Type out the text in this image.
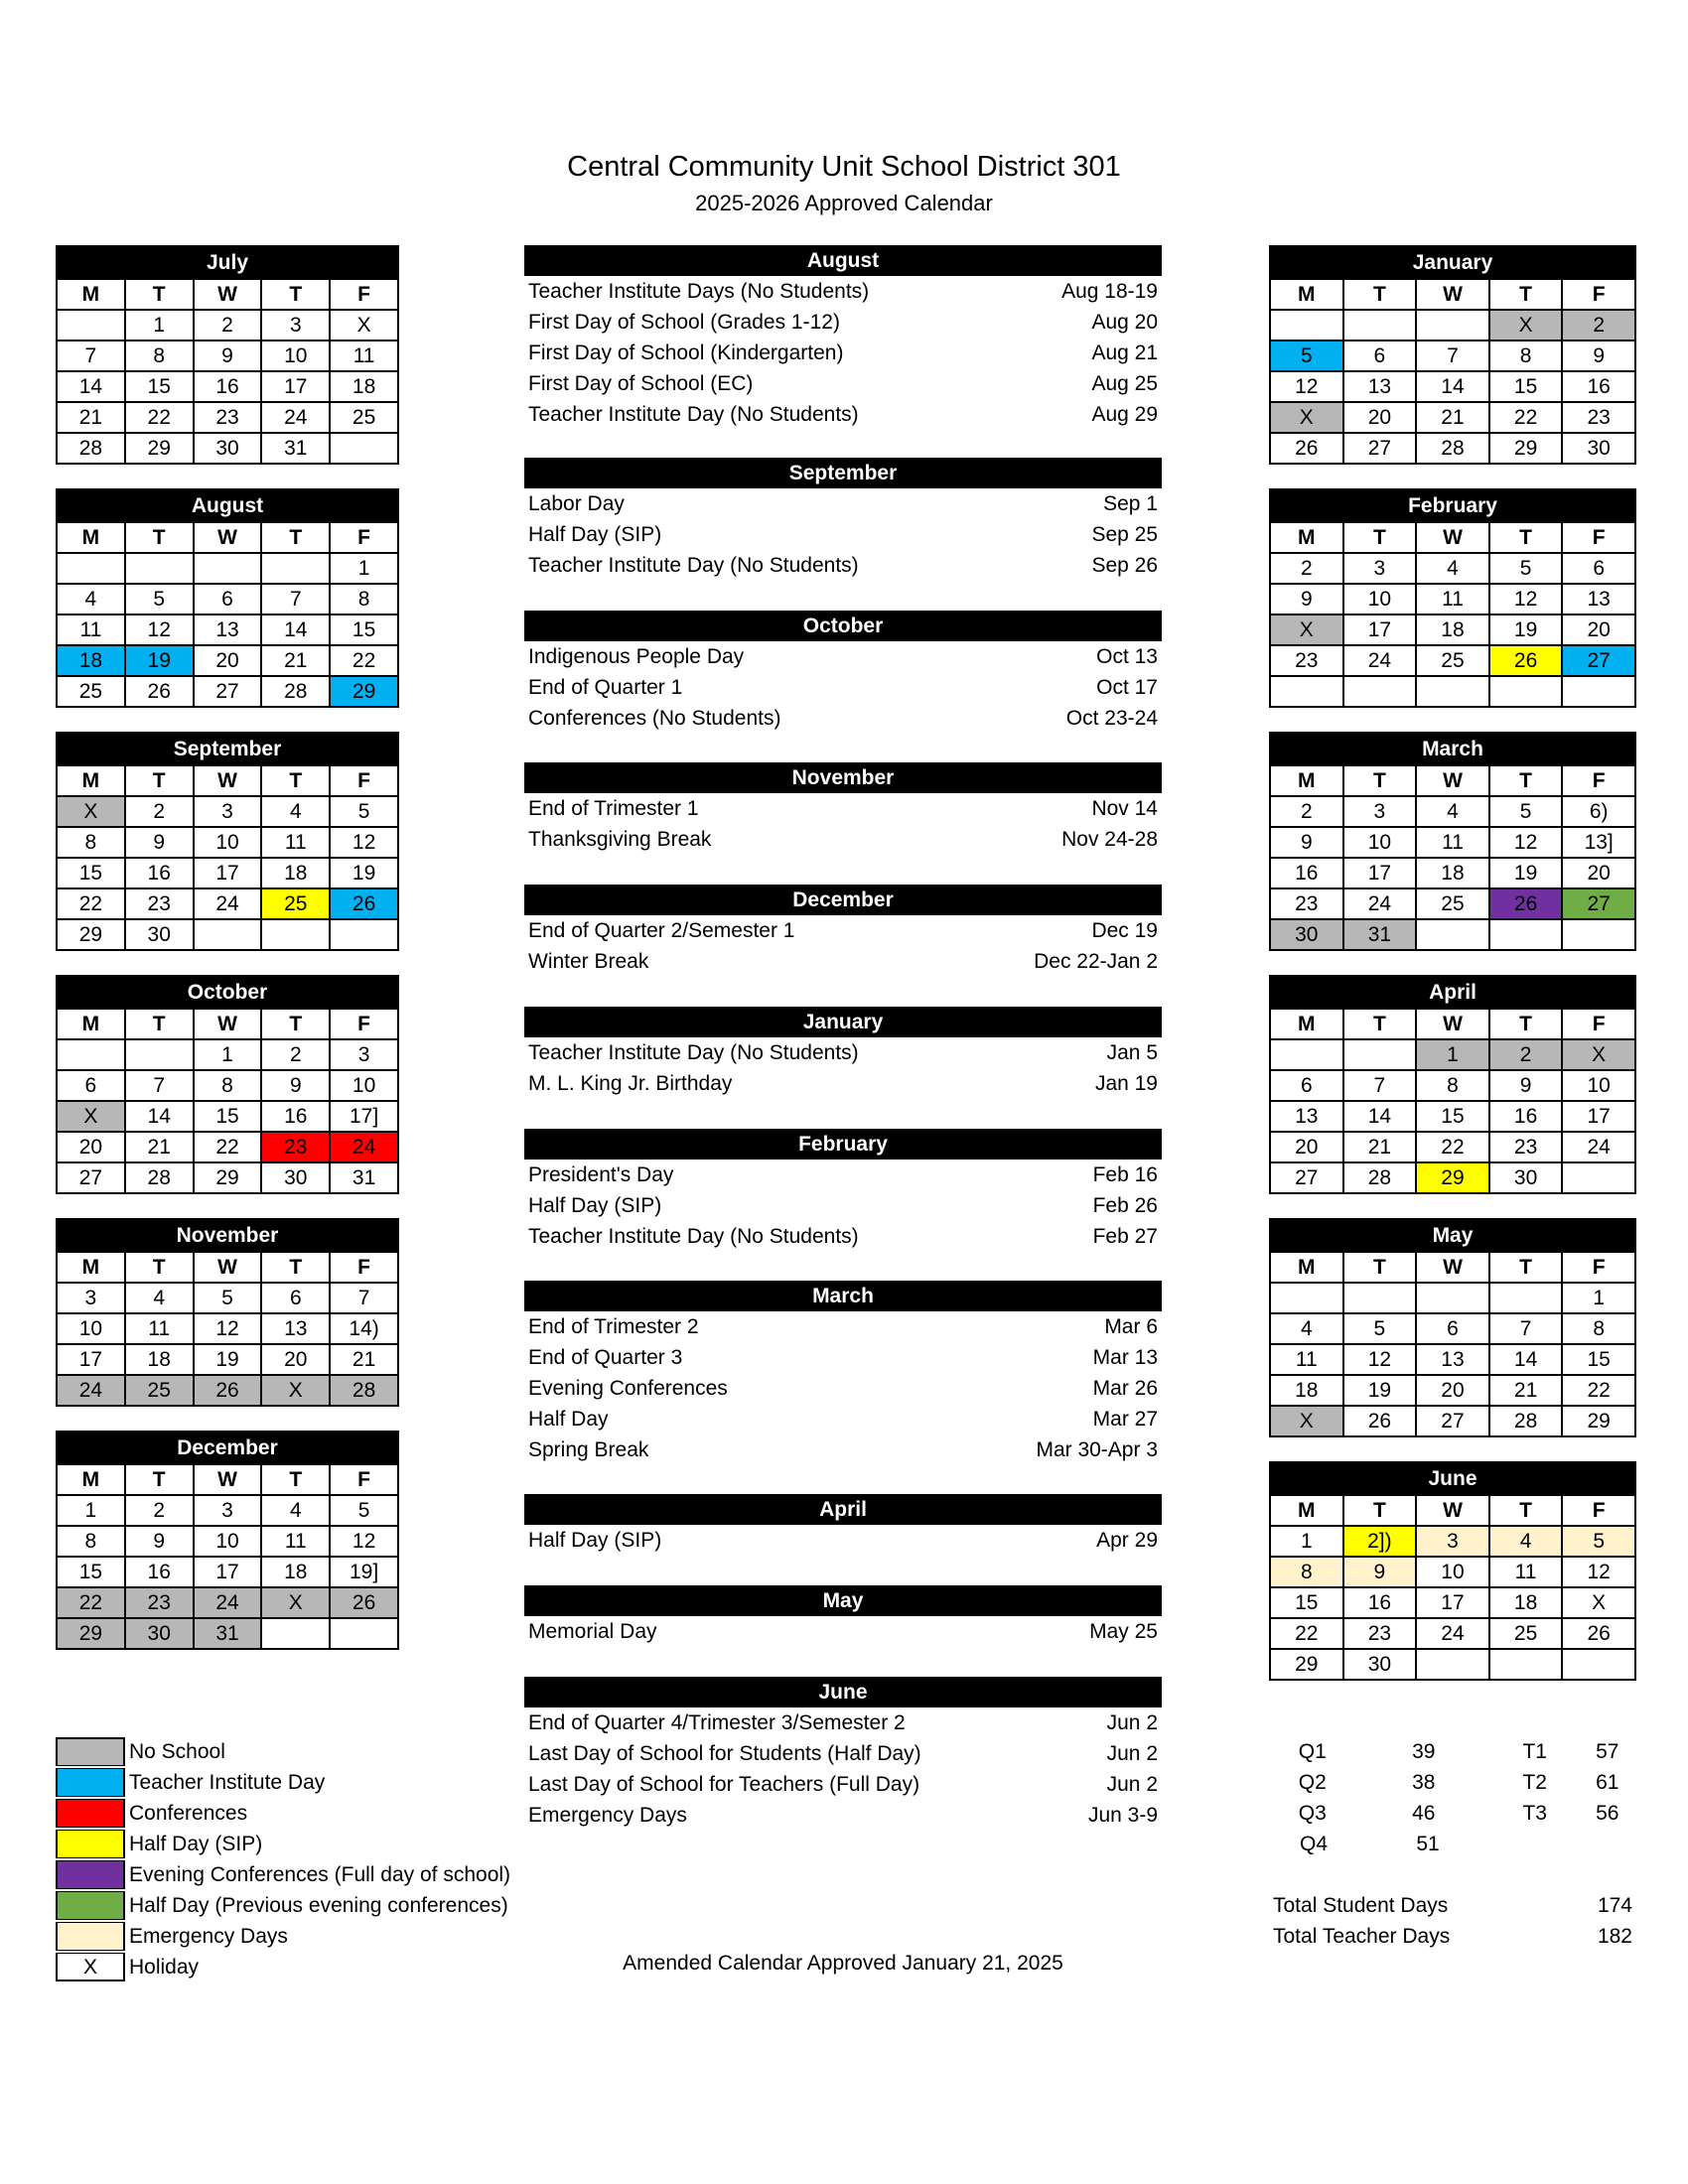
Central Community Unit School District 301
2025-2026 Approved Calendar
July				
M	T	W	T	F
	1	2	3	X
7	8	9	10	11
14	15	16	17	18
21	22	23	24	25
28	29	30	31	
August				
M	T	W	T	F
				1
4	5	6	7	8
11	12	13	14	15
18	19	20	21	22
25	26	27	28	29
September				
M	T	W	T	F
X	2	3	4	5
8	9	10	11	12
15	16	17	18	19
22	23	24	25	26
29	30			
October				
M	T	W	T	F
		1	2	3
6	7	8	9	10
X	14	15	16	17]
20	21	22	23	24
27	28	29	30	31
November				
M	T	W	T	F
3	4	5	6	7
10	11	12	13	14)
17	18	19	20	21
24	25	26	X	28
December				
M	T	W	T	F
1	2	3	4	5
8	9	10	11	12
15	16	17	18	19]
22	23	24	X	26
29	30	31		
January				
M	T	W	T	F
			X	2
5	6	7	8	9
12	13	14	15	16
X	20	21	22	23
26	27	28	29	30
February				
M	T	W	T	F
2	3	4	5	6
9	10	11	12	13
X	17	18	19	20
23	24	25	26	27

March				
M	T	W	T	F
2	3	4	5	6)
9	10	11	12	13]
16	17	18	19	20
23	24	25	26	27
30	31			
April				
M	T	W	T	F
		1	2	X
6	7	8	9	10
13	14	15	16	17
20	21	22	23	24
27	28	29	30	
May				
M	T	W	T	F
				1
4	5	6	7	8
11	12	13	14	15
18	19	20	21	22
X	26	27	28	29
June				
M	T	W	T	F
1	2])	3	4	5
8	9	10	11	12
15	16	17	18	X
22	23	24	25	26
29	30			
August
Teacher Institute Days (No Students)	Aug 18-19
First Day of School (Grades 1-12)	Aug 20
First Day of School (Kindergarten)	Aug 21
First Day of School (EC)	Aug 25
Teacher Institute Day (No Students)	Aug 29
September
Labor Day	Sep 1
Half Day (SIP)	Sep 25
Teacher Institute Day (No Students)	Sep 26
October
Indigenous People Day	Oct 13
End of Quarter 1	Oct 17
Conferences (No Students)	Oct 23-24
November
End of Trimester 1	Nov 14
Thanksgiving Break	Nov 24-28
December
End of Quarter 2/Semester 1	Dec 19
Winter Break	Dec 22-Jan 2
January
Teacher Institute Day (No Students)	Jan 5
M. L. King Jr. Birthday	Jan 19
February
President's Day	Feb 16
Half Day (SIP)	Feb 26
Teacher Institute Day (No Students)	Feb 27
March
End of Trimester 2	Mar 6
End of Quarter 3	Mar 13
Evening Conferences	Mar 26
Half Day	Mar 27
Spring Break	Mar 30-Apr 3
April
Half Day (SIP)	Apr 29
May
Memorial Day	May 25
June
End of Quarter 4/Trimester 3/Semester 2	Jun 2
Last Day of School for Students (Half Day)	Jun 2
Last Day of School for Teachers (Full Day)	Jun 2
Emergency Days	Jun 3-9
No School
Teacher Institute Day
Conferences
Half Day (SIP)
Evening Conferences (Full day of school)
Half Day (Previous evening conferences)
Emergency Days
X	Holiday
Q1	39	T1	57
Q2	38	T2	61
Q3	46	T3	56
Q4	51
Total Student Days	174
Total Teacher Days	182
Amended Calendar Approved January 21, 2025
